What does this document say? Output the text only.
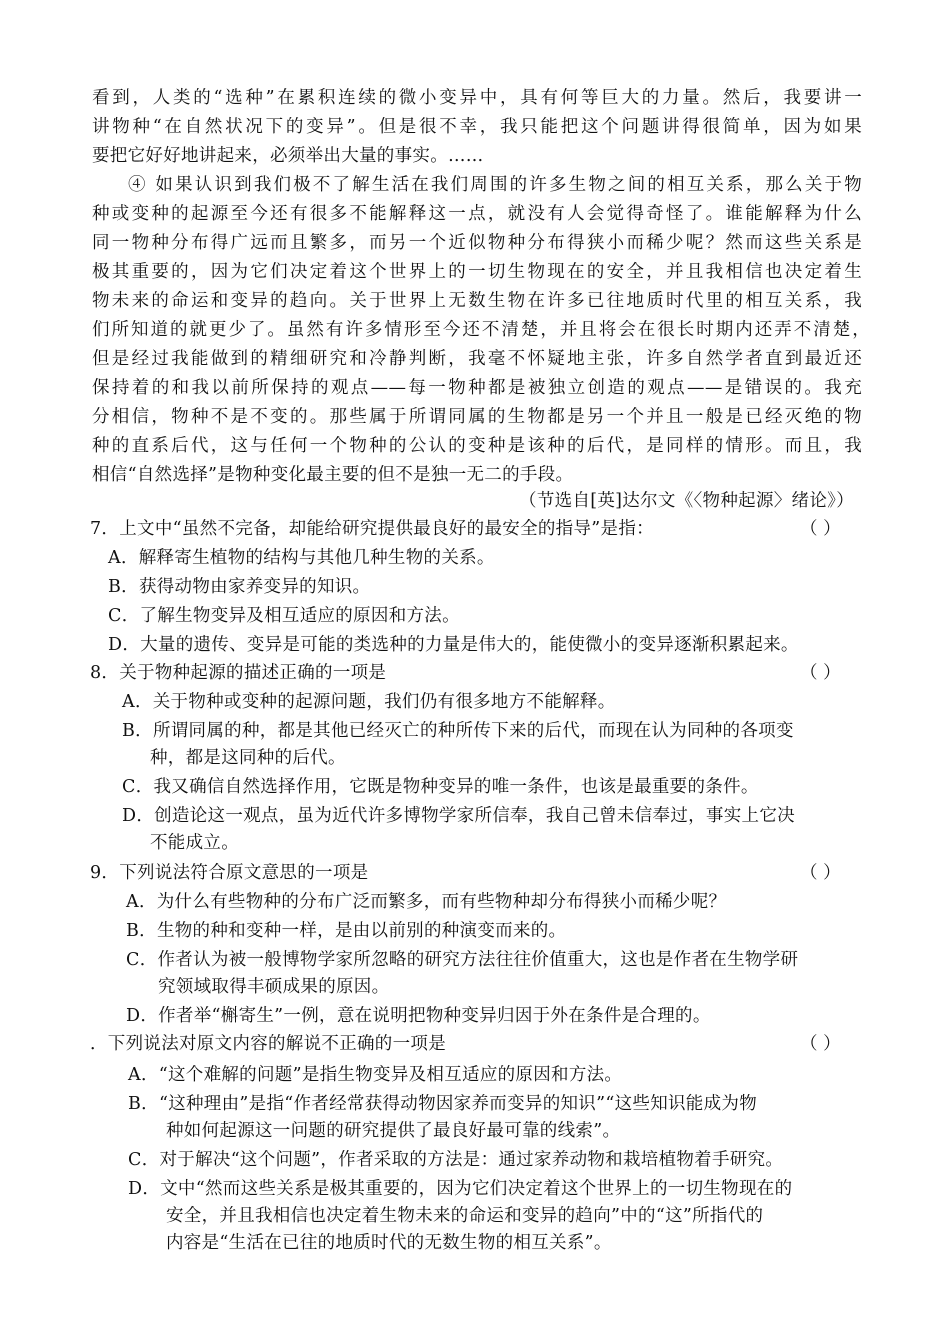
看到，人类的“选种”在累积连续的微小变异中，具有何等巨大的力量。然后，我要讲一
讲物种“在自然状况下的变异”。但是很不幸，我只能把这个问题讲得很简单，因为如果
要把它好好地讲起来，必须举出大量的事实。……
④ 如果认识到我们极不了解生活在我们周围的许多生物之间的相互关系，那么关于物
种或变种的起源至今还有很多不能解释这一点，就没有人会觉得奇怪了。谁能解释为什么
同一物种分布得广远而且繁多，而另一个近似物种分布得狭小而稀少呢？然而这些关系是
极其重要的，因为它们决定着这个世界上的一切生物现在的安全，并且我相信也决定着生
物未来的命运和变异的趋向。关于世界上无数生物在许多已往地质时代里的相互关系，我
们所知道的就更少了。虽然有许多情形至今还不清楚，并且将会在很长时期内还弄不清楚，
但是经过我能做到的精细研究和冷静判断，我毫不怀疑地主张，许多自然学者直到最近还
保持着的和我以前所保持的观点——每一物种都是被独立创造的观点——是错误的。我充
分相信，物种不是不变的。那些属于所谓同属的生物都是另一个并且一般是已经灭绝的物
种的直系后代，这与任何一个物种的公认的变种是该种的后代，是同样的情形。而且，我
相信“自然选择”是物种变化最主要的但不是独一无二的手段。
（节选自[英]达尔文《〈物种起源〉绪论》）
7．上文中“虽然不完备，却能给研究提供最良好的最安全的指导”是指：	（ ）
A．解释寄生植物的结构与其他几种生物的关系。
B．获得动物由家养变异的知识。
C．了解生物变异及相互适应的原因和方法。
D．大量的遗传、变异是可能的类选种的力量是伟大的，能使微小的变异逐渐积累起来。
8．关于物种起源的描述正确的一项是	（ ）
A．关于物种或变种的起源问题，我们仍有很多地方不能解释。
B．所谓同属的种，都是其他已经灭亡的种所传下来的后代，而现在认为同种的各项变
种，都是这同种的后代。
C．我又确信自然选择作用，它既是物种变异的唯一条件，也该是最重要的条件。
D．创造论这一观点，虽为近代许多博物学家所信奉，我自己曾未信奉过，事实上它决
不能成立。
9．下列说法符合原文意思的一项是	（ ）
A．为什么有些物种的分布广泛而繁多，而有些物种却分布得狭小而稀少呢？
B．生物的种和变种一样，是由以前别的种演变而来的。
C．作者认为被一般博物学家所忽略的研究方法往往价值重大，这也是作者在生物学研
究领域取得丰硕成果的原因。
D．作者举“槲寄生”一例，意在说明把物种变异归因于外在条件是合理的。
．下列说法对原文内容的解说不正确的一项是	（ ）
A．“这个难解的问题”是指生物变异及相互适应的原因和方法。
B．“这种理由”是指“作者经常获得动物因家养而变异的知识”“这些知识能成为物
种如何起源这一问题的研究提供了最良好最可靠的线索”。
C．对于解决“这个问题”，作者采取的方法是：通过家养动物和栽培植物着手研究。
D．文中“然而这些关系是极其重要的，因为它们决定着这个世界上的一切生物现在的
安全，并且我相信也决定着生物未来的命运和变异的趋向”中的“这”所指代的
内容是“生活在已往的地质时代的无数生物的相互关系”。
